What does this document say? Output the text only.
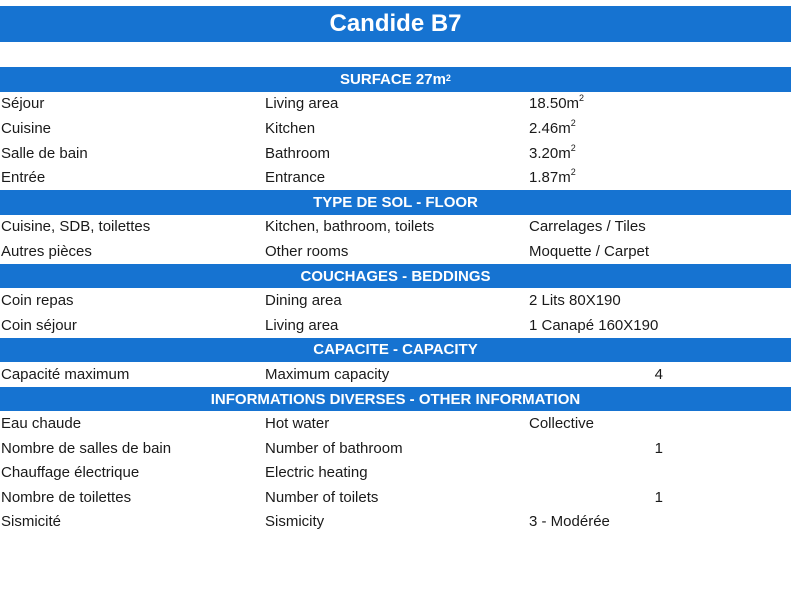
Candide B7
SURFACE $27m^2$
Séjour	Living area	$18.50m^2$
Cuisine	Kitchen	$2.46m^2$
Salle de bain	Bathroom	$3.20m^2$
Entrée	Entrance	$1.87m^2$
TYPE DE SOL - FLOOR
Cuisine, SDB, toilettes	Kitchen, bathroom, toilets	Carrelages / Tiles
Autres pièces	Other rooms	Moquette / Carpet
COUCHAGES - BEDDINGS
Coin repas	Dining area	2 Lits 80X190
Coin séjour	Living area	1 Canapé 160X190
CAPACITE - CAPACITY
Capacité maximum	Maximum capacity	4
INFORMATIONS DIVERSES - OTHER INFORMATION
Eau chaude	Hot water	Collective
Nombre de salles de bain	Number of bathroom	1
Chauffage électrique	Electric heating
Nombre de toilettes	Number of toilets	1
Sismicité	Sismicity	3 - Modérée
